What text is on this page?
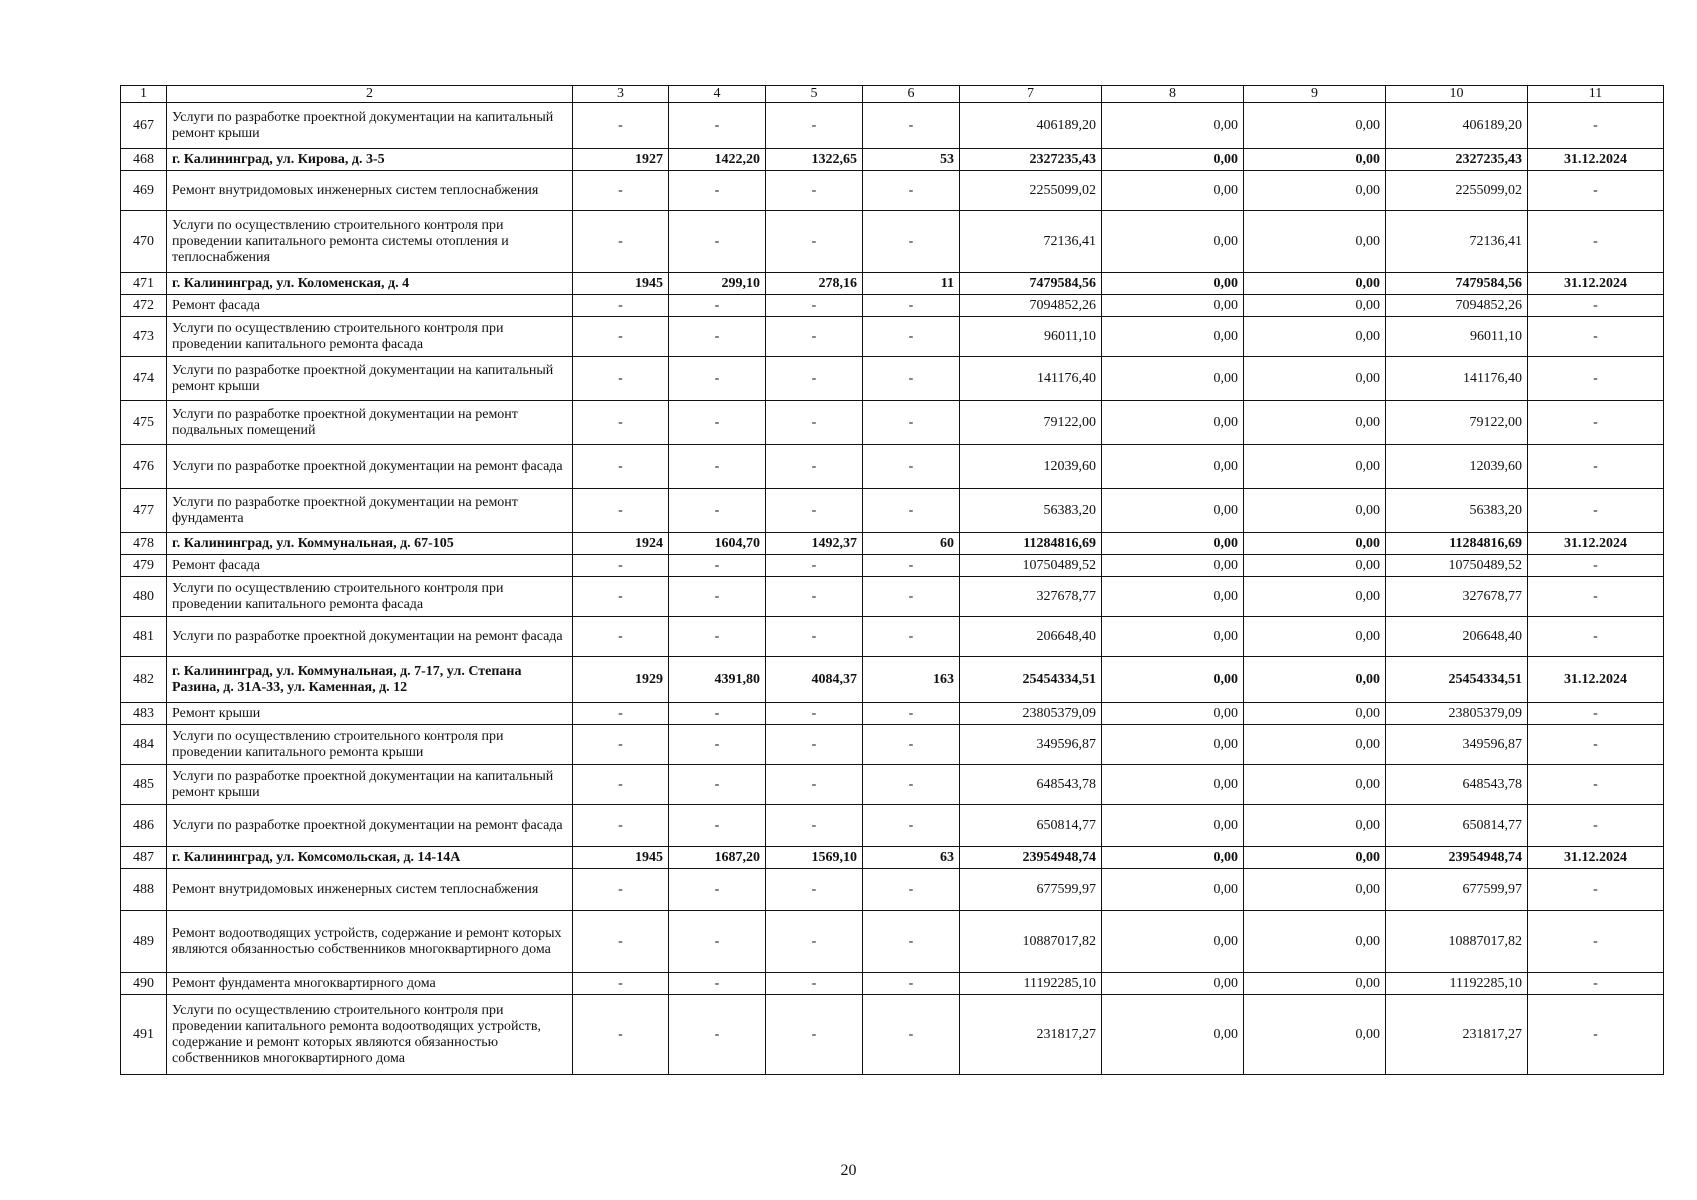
1	2	3	4	5	6	7	8	9	10	11
467	Услуги по разработке проектной документации на капитальный ремонт крыши	-	-	-	-	406189,20	0,00	0,00	406189,20	-
468	г. Калининград, ул. Кирова, д. 3-5	1927	1422,20	1322,65	53	2327235,43	0,00	0,00	2327235,43	31.12.2024
469	Ремонт внутридомовых инженерных систем теплоснабжения	-	-	-	-	2255099,02	0,00	0,00	2255099,02	-
470	Услуги по осуществлению строительного контроля при проведении капитального ремонта системы отопления и теплоснабжения	-	-	-	-	72136,41	0,00	0,00	72136,41	-
471	г. Калининград, ул. Коломенская, д. 4	1945	299,10	278,16	11	7479584,56	0,00	0,00	7479584,56	31.12.2024
472	Ремонт фасада	-	-	-	-	7094852,26	0,00	0,00	7094852,26	-
473	Услуги по осуществлению строительного контроля при проведении капитального ремонта фасада	-	-	-	-	96011,10	0,00	0,00	96011,10	-
474	Услуги по разработке проектной документации на капитальный ремонт крыши	-	-	-	-	141176,40	0,00	0,00	141176,40	-
475	Услуги по разработке проектной документации на ремонт подвальных помещений	-	-	-	-	79122,00	0,00	0,00	79122,00	-
476	Услуги по разработке проектной документации на ремонт фасада	-	-	-	-	12039,60	0,00	0,00	12039,60	-
477	Услуги по разработке проектной документации на ремонт фундамента	-	-	-	-	56383,20	0,00	0,00	56383,20	-
478	г. Калининград, ул. Коммунальная, д. 67-105	1924	1604,70	1492,37	60	11284816,69	0,00	0,00	11284816,69	31.12.2024
479	Ремонт фасада	-	-	-	-	10750489,52	0,00	0,00	10750489,52	-
480	Услуги по осуществлению строительного контроля при проведении капитального ремонта фасада	-	-	-	-	327678,77	0,00	0,00	327678,77	-
481	Услуги по разработке проектной документации на ремонт фасада	-	-	-	-	206648,40	0,00	0,00	206648,40	-
482	г. Калининград, ул. Коммунальная, д. 7-17, ул. Степана Разина, д. 31А-33, ул. Каменная, д. 12	1929	4391,80	4084,37	163	25454334,51	0,00	0,00	25454334,51	31.12.2024
483	Ремонт крыши	-	-	-	-	23805379,09	0,00	0,00	23805379,09	-
484	Услуги по осуществлению строительного контроля при проведении капитального ремонта крыши	-	-	-	-	349596,87	0,00	0,00	349596,87	-
485	Услуги по разработке проектной документации на капитальный ремонт крыши	-	-	-	-	648543,78	0,00	0,00	648543,78	-
486	Услуги по разработке проектной документации на ремонт фасада	-	-	-	-	650814,77	0,00	0,00	650814,77	-
487	г. Калининград, ул. Комсомольская, д. 14-14А	1945	1687,20	1569,10	63	23954948,74	0,00	0,00	23954948,74	31.12.2024
488	Ремонт внутридомовых инженерных систем теплоснабжения	-	-	-	-	677599,97	0,00	0,00	677599,97	-
489	Ремонт водоотводящих устройств, содержание и ремонт которых являются обязанностью собственников многоквартирного дома	-	-	-	-	10887017,82	0,00	0,00	10887017,82	-
490	Ремонт фундамента многоквартирного дома	-	-	-	-	11192285,10	0,00	0,00	11192285,10	-
491	Услуги по осуществлению строительного контроля при проведении капитального ремонта водоотводящих устройств, содержание и ремонт которых являются обязанностью собственников многоквартирного дома	-	-	-	-	231817,27	0,00	0,00	231817,27	-
20
